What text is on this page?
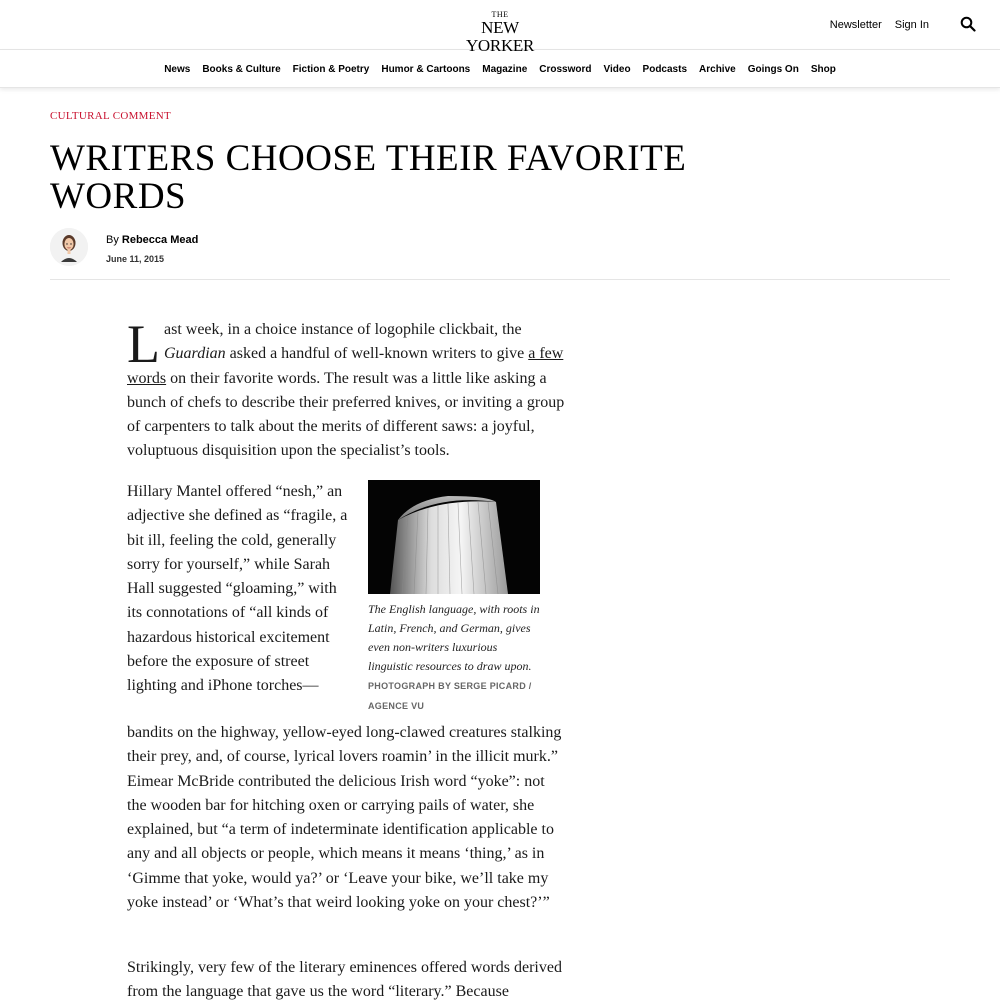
THE
NEW YORKER
Newsletter Sign In
News Books & Culture Fiction & Poetry Humor & Cartoons Magazine Crossword Video Podcasts Archive Goings On Shop
CULTURAL COMMENT
WRITERS CHOOSE THEIR FAVORITE WORDS
By Rebecca Mead
June 11, 2015
Last week, in a choice instance of logophile clickbait, the Guardian asked a handful of well-known writers to give a few words on their favorite words. The result was a little like asking a bunch of chefs to describe their preferred knives, or inviting a group of carpenters to talk about the merits of different saws: a joyful, voluptuous disquisition upon the specialist’s tools.
Hillary Mantel offered “nesh,” an adjective she defined as “fragile, a bit ill, feeling the cold, generally sorry for yourself,” while Sarah Hall suggested “gloaming,” with its connotations of “all kinds of hazardous historical excitement before the exposure of street lighting and iPhone torches—
bandits on the highway, yellow-eyed long-clawed creatures stalking their prey, and, of course, lyrical lovers roamin’ in the illicit murk.” Eimear McBride contributed the delicious Irish word “yoke”: not the wooden bar for hitching oxen or carrying pails of water, she explained, but “a term of indeterminate identification applicable to any and all objects or people, which means it means ‘thing,’ as in ‘Gimme that yoke, would ya?’ or ‘Leave your bike, we’ll take my yoke instead’ or ‘What’s that weird looking yoke on your chest?’”
The English language, with roots in Latin, French, and German, gives even non-writers luxurious linguistic resources to draw upon. PHOTOGRAPH BY SERGE PICARD / AGENCE VU
Strikingly, very few of the literary eminences offered words derived from the language that gave us the word “literary.” Because
